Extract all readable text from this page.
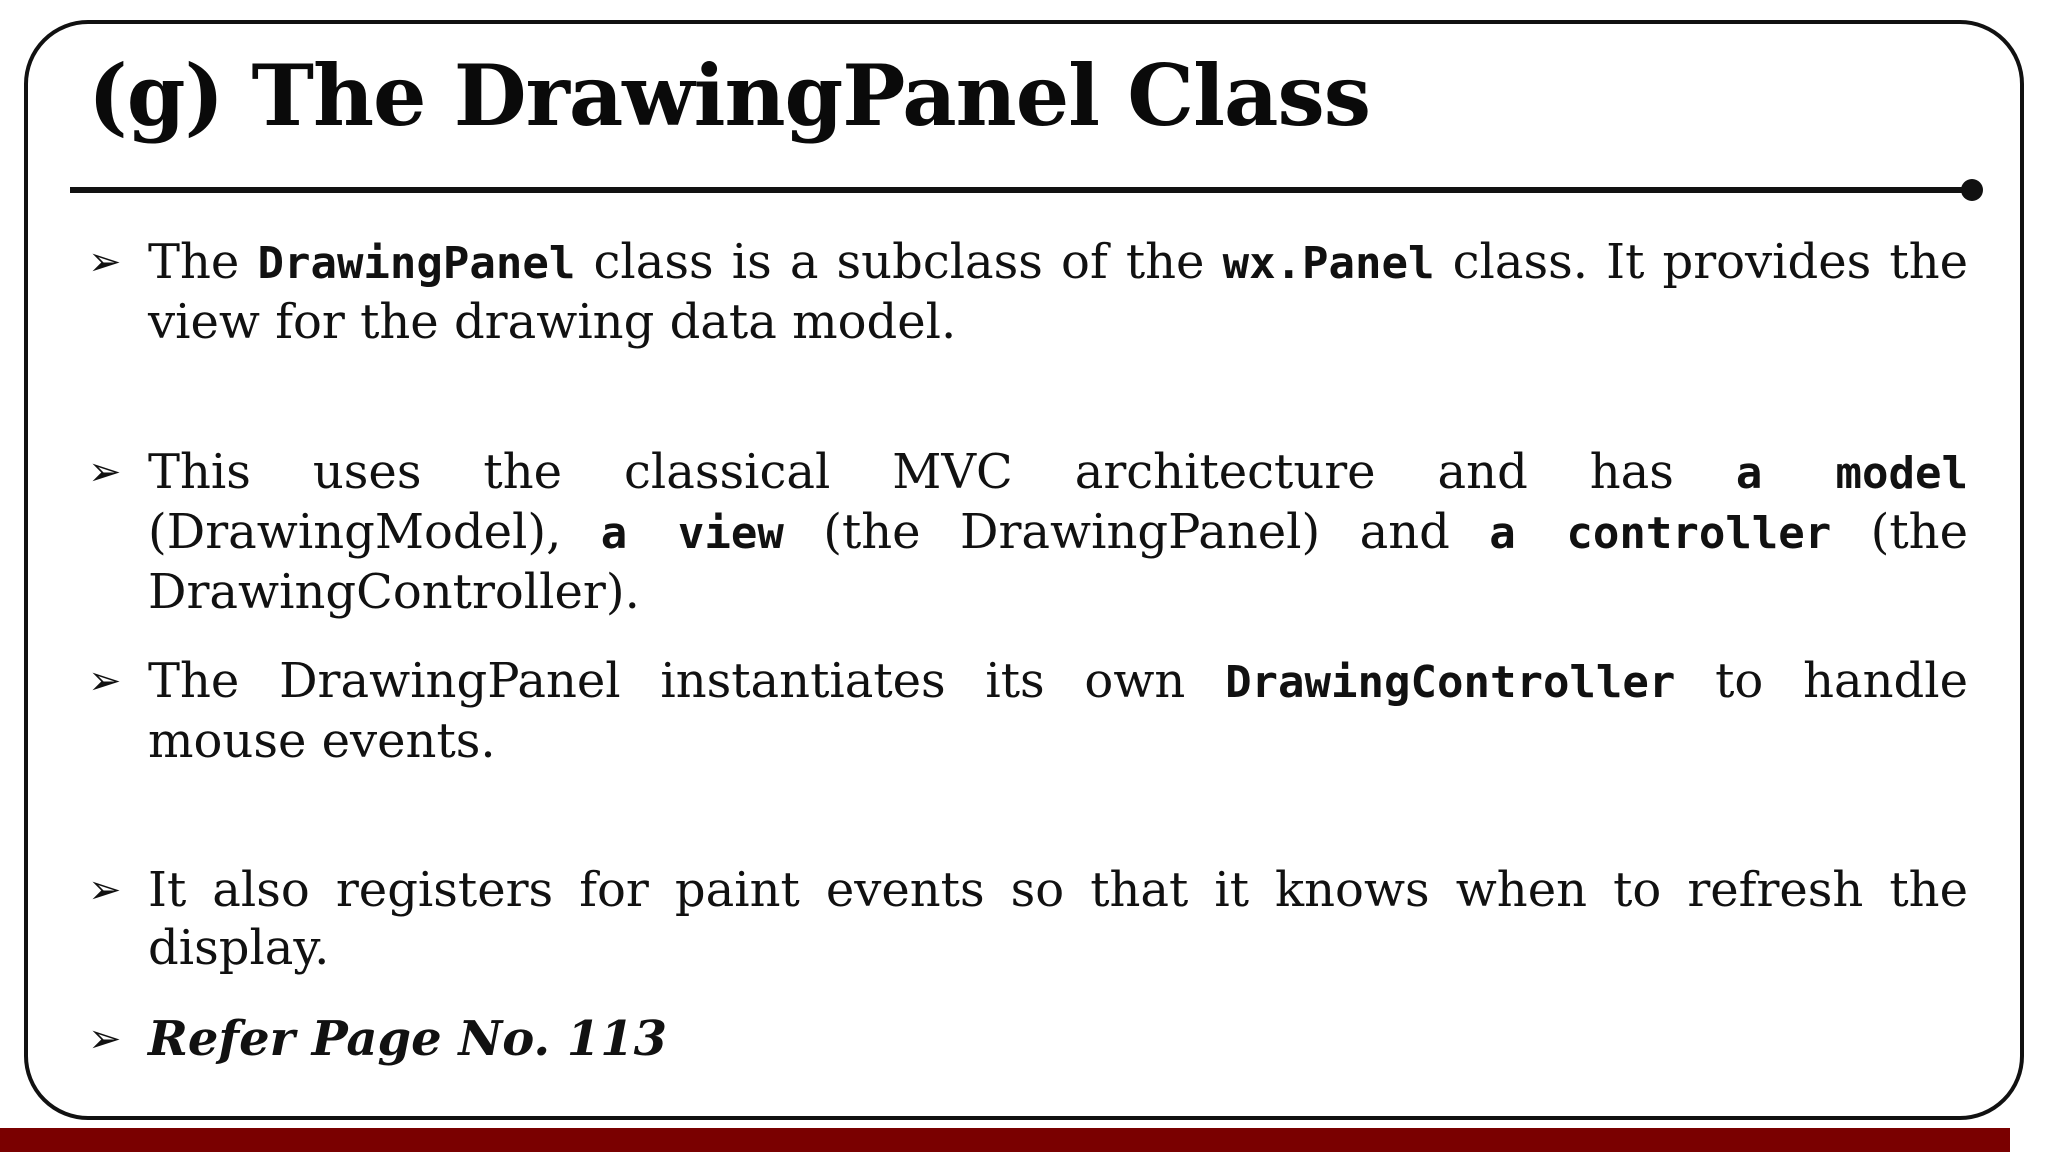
(g) The DrawingPanel Class
➢ The DrawingPanel class is a subclass of the wx.Panel class. It provides the view for the drawing data model.
➢ This uses the classical MVC architecture and has a model (DrawingModel), a view (the DrawingPanel) and a controller (the DrawingController).
➢ The DrawingPanel instantiates its own DrawingController to handle mouse events.
➢ It also registers for paint events so that it knows when to refresh the display.
➢ Refer Page No. 113
